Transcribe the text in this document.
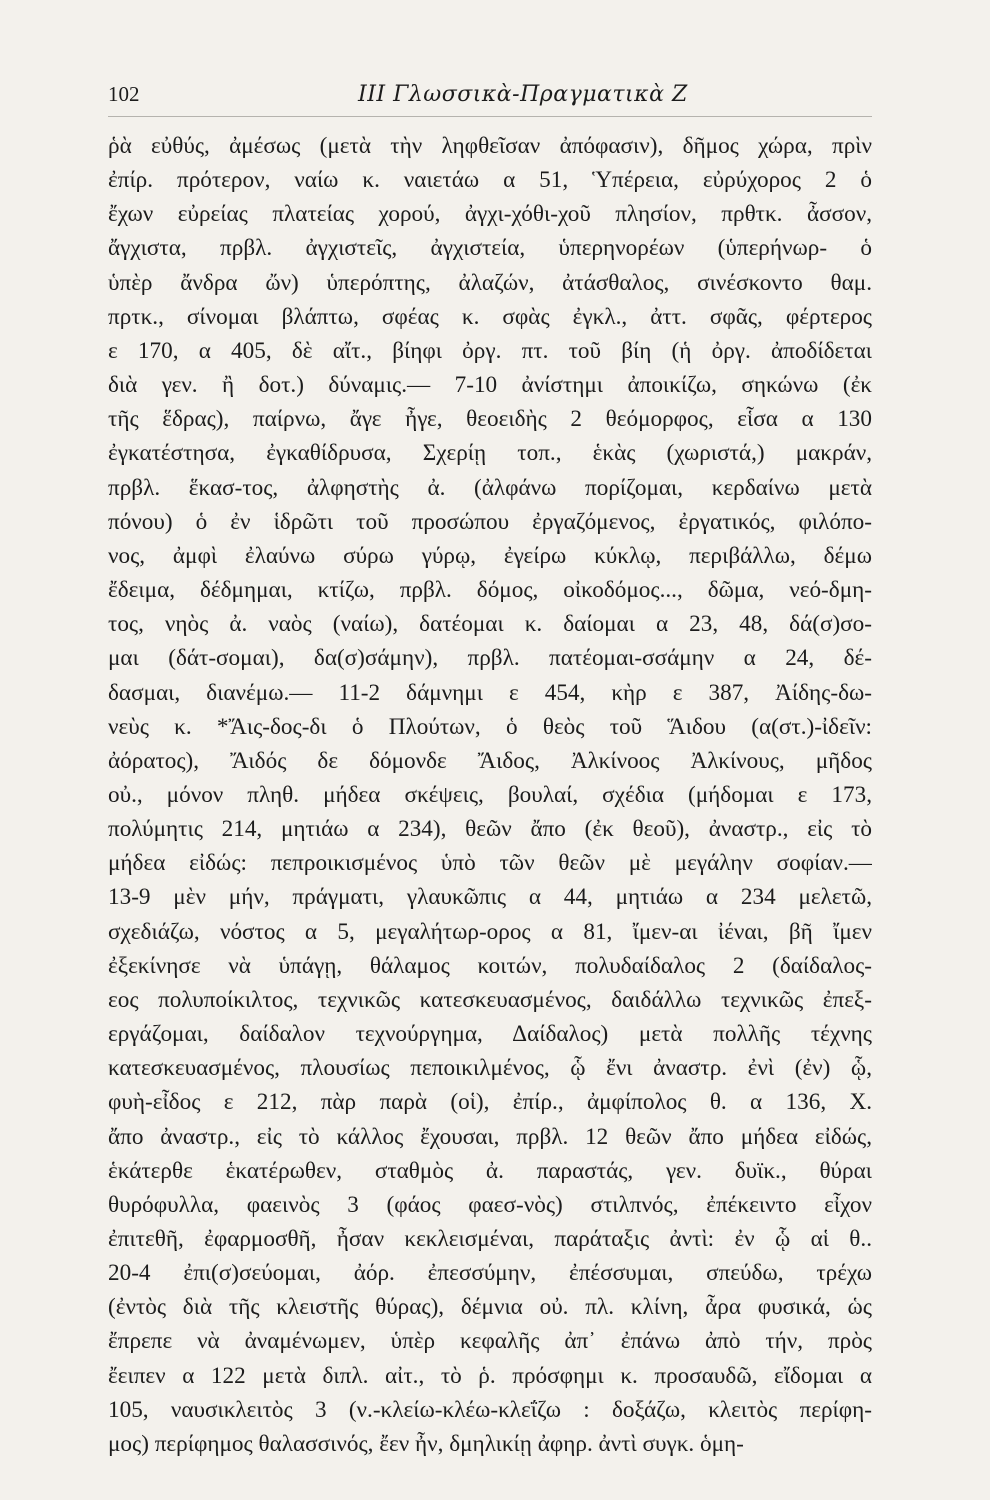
102	ΙΙΙ Γλωσσικὰ-Πραγματικὰ Ζ
ῥὰ εὐθύς, ἀμέσως (μετὰ τὴν ληφθεῖσαν ἀπόφασιν), δῆμος χώρα, πρὶν
ἐπίρ. πρότερον, ναίω κ. ναιετάω α 51, Ὑπέρεια, εὐρύχορος 2 ὁ
ἔχων εὐρείας πλατείας χορού, ἀγχι-χόθι-χοῦ πλησίον, πρθτκ. ἆσσον,
ἄγχιστα, πρβλ. ἀγχιστεῖς, ἀγχιστεία, ὑπερηνορέων (ὑπερήνωρ- ὁ
ὑπὲρ ἄνδρα ὤν) ὑπερόπτης, ἀλαζών, ἀτάσθαλος, σινέσκοντο θαμ.
πρτκ., σίνομαι βλάπτω, σφέας κ. σφὰς ἐγκλ., ἀττ. σφᾶς, φέρτερος
ε 170, α 405, δὲ αἴτ., βίηφι ὀργ. πτ. τοῦ βίη (ἡ ὀργ. ἀποδίδεται
διὰ γεν. ἢ δοτ.) δύναμις.— 7-10 ἀνίστημι ἀποικίζω, σηκώνω (ἐκ
τῆς ἕδρας), παίρνω, ἄγε ἦγε, θεοειδὴς 2 θεόμορφος, εἷσα α 130
ἐγκατέστησα, ἐγκαθίδρυσα, Σχερίῃ τοπ., ἑκὰς (χωριστά,) μακράν,
πρβλ. ἕκασ-τος, ἀλφηστὴς ἀ. (ἀλφάνω πορίζομαι, κερδαίνω μετὰ
πόνου) ὁ ἐν ἱδρῶτι τοῦ προσώπου ἐργαζόμενος, ἐργατικός, φιλόπο-
νος, ἀμφὶ ἐλαύνω σύρω γύρῳ, ἐγείρω κύκλῳ, περιβάλλω, δέμω
ἔδειμα, δέδμημαι, κτίζω, πρβλ. δόμος, οἰκοδόμος..., δῶμα, νεό-δμη-
τος, νηὸς ἀ. ναὸς (ναίω), δατέομαι κ. δαίομαι α 23, 48, δά(σ)σο-
μαι (δάτ-σομαι), δα(σ)σάμην), πρβλ. πατέομαι-σσάμην α 24, δέ-
δασμαι, διανέμω.— 11-2 δάμνημι ε 454, κὴρ ε 387, Ἀίδης-δω-
νεὺς κ. *Ἄις-δος-δι ὁ Πλούτων, ὁ θεὸς τοῦ Ἅιδου (α(στ.)-ἰδεῖν:
ἀόρατος), Ἄιδός δε δόμονδε Ἄιδος, Ἀλκίνοος Ἀλκίνους, μῆδος
οὐ., μόνον πληθ. μήδεα σκέψεις, βουλαί, σχέδια (μήδομαι ε 173,
πολύμητις 214, μητιάω α 234), θεῶν ἄπο (ἐκ θεοῦ), ἀναστρ., εἰς τὸ
μήδεα εἰδώς: πεπροικισμένος ὑπὸ τῶν θεῶν μὲ μεγάλην σοφίαν.—
13-9 μὲν μήν, πράγματι, γλαυκῶπις α 44, μητιάω α 234 μελετῶ,
σχεδιάζω, νόστος α 5, μεγαλήτωρ-ορος α 81, ἴμεν-αι ἰέναι, βῆ ἴμεν
ἐξεκίνησε νὰ ὑπάγῃ, θάλαμος κοιτών, πολυδαίδαλος 2 (δαίδαλος-
εος πολυποίκιλτος, τεχνικῶς κατεσκευασμένος, δαιδάλλω τεχνικῶς ἐπεξ-
εργάζομαι, δαίδαλον τεχνούργημα, Δαίδαλος) μετὰ πολλῆς τέχνης
κατεσκευασμένος, πλουσίως πεποικιλμένος, ᾧ ἔνι ἀναστρ. ἐνὶ (ἐν) ᾧ,
φυὴ-εἶδος ε 212, πὰρ παρὰ (οἱ), ἐπίρ., ἀμφίπολος θ. α 136, Χ.
ἄπο ἀναστρ., εἰς τὸ κάλλος ἔχουσαι, πρβλ. 12 θεῶν ἄπο μήδεα εἰδώς,
ἑκάτερθε ἑκατέρωθεν, σταθμὸς ἀ. παραστάς, γεν. δυϊκ., θύραι
θυρόφυλλα, φαεινὸς 3 (φάος φαεσ-νὸς) στιλπνός, ἐπέκειντο εἶχον
ἐπιτεθῆ, ἐφαρμοσθῆ, ἦσαν κεκλεισμέναι, παράταξις ἀντὶ: ἐν ᾧ αἱ θ..
20-4 ἐπι(σ)σεύομαι, ἀόρ. ἐπεσσύμην, ἐπέσσυμαι, σπεύδω, τρέχω
(ἐντὸς διὰ τῆς κλειστῆς θύρας), δέμνια οὐ. πλ. κλίνη, ἆρα φυσικά, ὡς
ἔπρεπε νὰ ἀναμένωμεν, ὑπὲρ κεφαλῆς ἀπ᾽ ἐπάνω ἀπὸ τήν, πρὸς
ἔειπεν α 122 μετὰ διπλ. αἰτ., τὸ ῥ. πρόσφημι κ. προσαυδῶ, εἴδομαι α
105, ναυσικλειτὸς 3 (ν.-κλείω-κλέω-κλεΐζω : δοξάζω, κλειτὸς περίφη-
μος) περίφημος θαλασσινός, ἔεν ἦν, δμηλικίῃ ἀφηρ. ἀντὶ συγκ. ὁμη-
